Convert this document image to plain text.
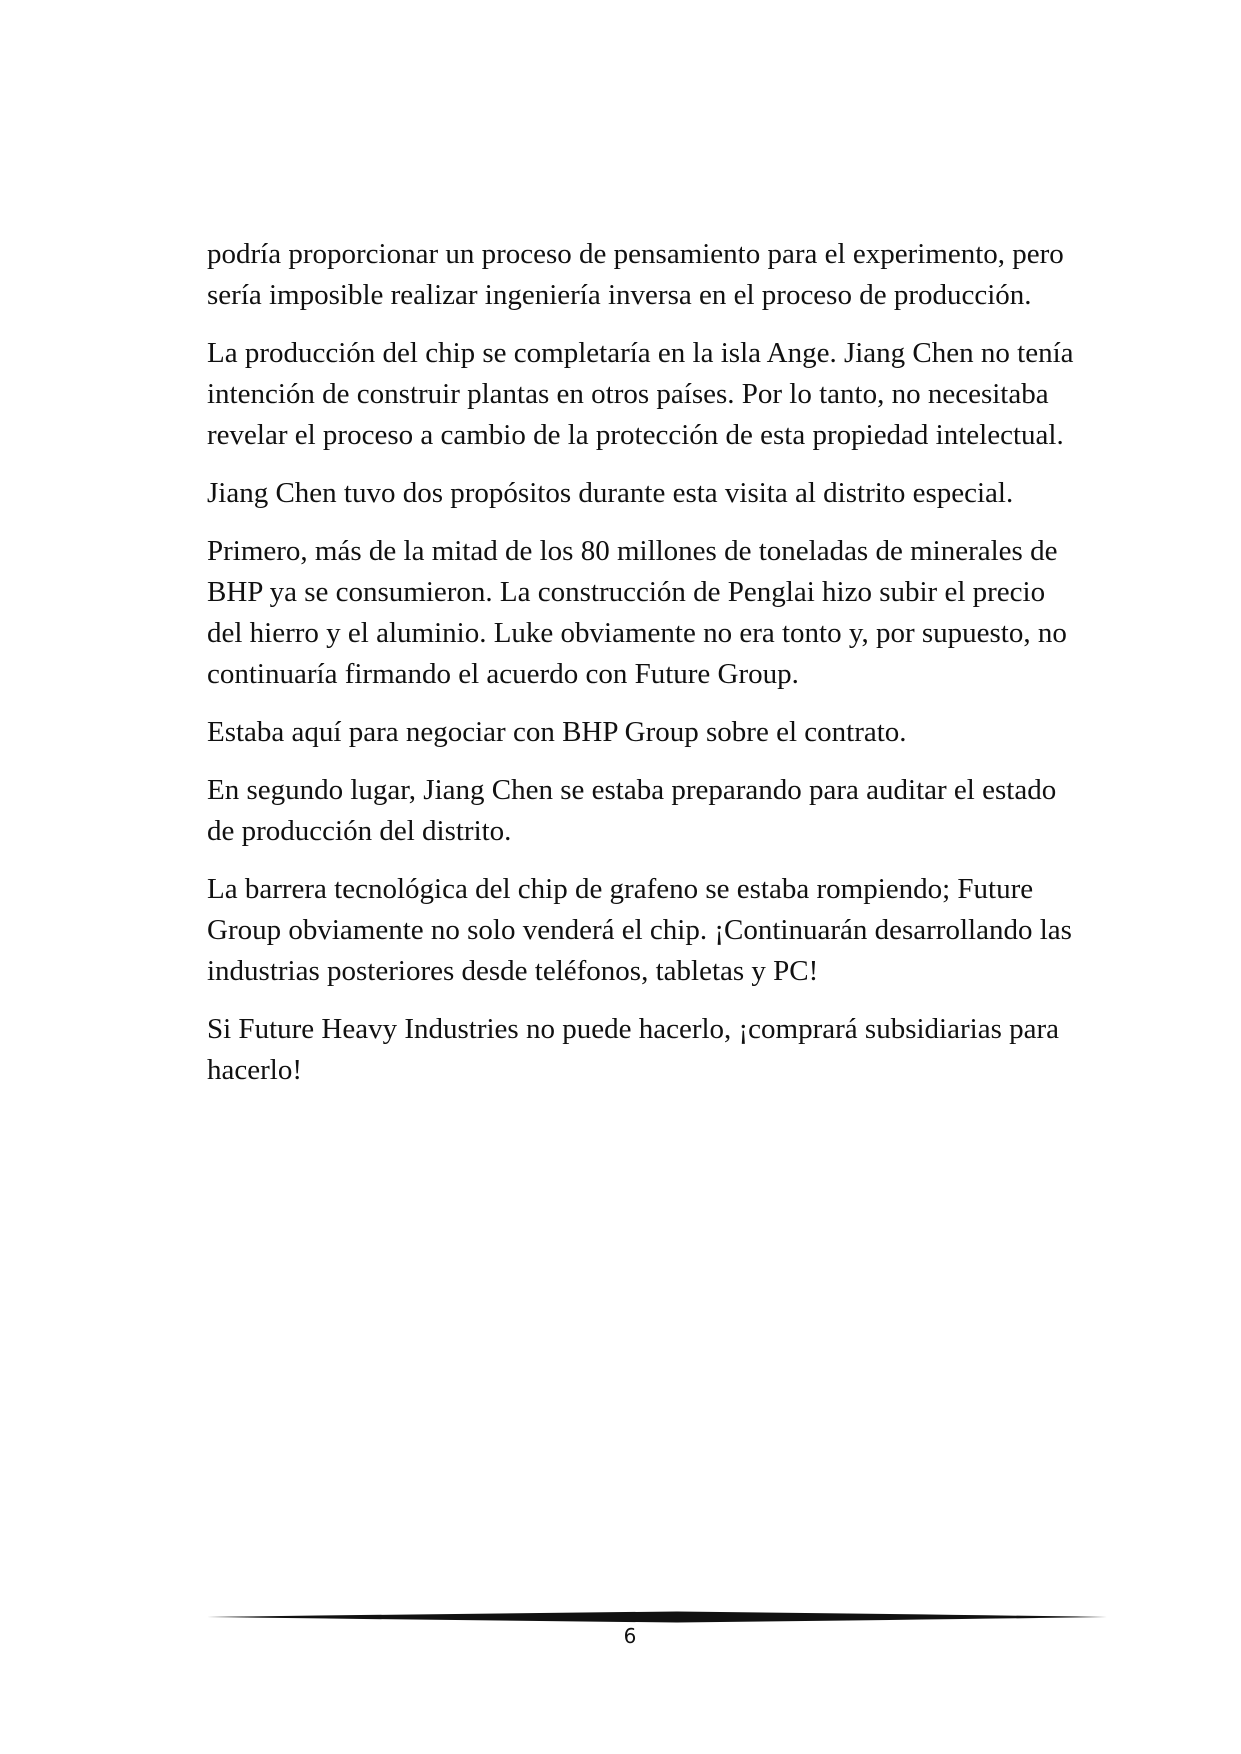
podría proporcionar un proceso de pensamiento para el experimento, pero sería imposible realizar ingeniería inversa en el proceso de producción.

La producción del chip se completaría en la isla Ange. Jiang Chen no tenía intención de construir plantas en otros países. Por lo tanto, no necesitaba revelar el proceso a cambio de la protección de esta propiedad intelectual.

Jiang Chen tuvo dos propósitos durante esta visita al distrito especial.

Primero, más de la mitad de los 80 millones de toneladas de minerales de BHP ya se consumieron. La construcción de Penglai hizo subir el precio del hierro y el aluminio. Luke obviamente no era tonto y, por supuesto, no continuaría firmando el acuerdo con Future Group.

Estaba aquí para negociar con BHP Group sobre el contrato.

En segundo lugar, Jiang Chen se estaba preparando para auditar el estado de producción del distrito.

La barrera tecnológica del chip de grafeno se estaba rompiendo; Future Group obviamente no solo venderá el chip. ¡Continuarán desarrollando las industrias posteriores desde teléfonos, tabletas y PC!

Si Future Heavy Industries no puede hacerlo, ¡comprará subsidiarias para hacerlo!

6
